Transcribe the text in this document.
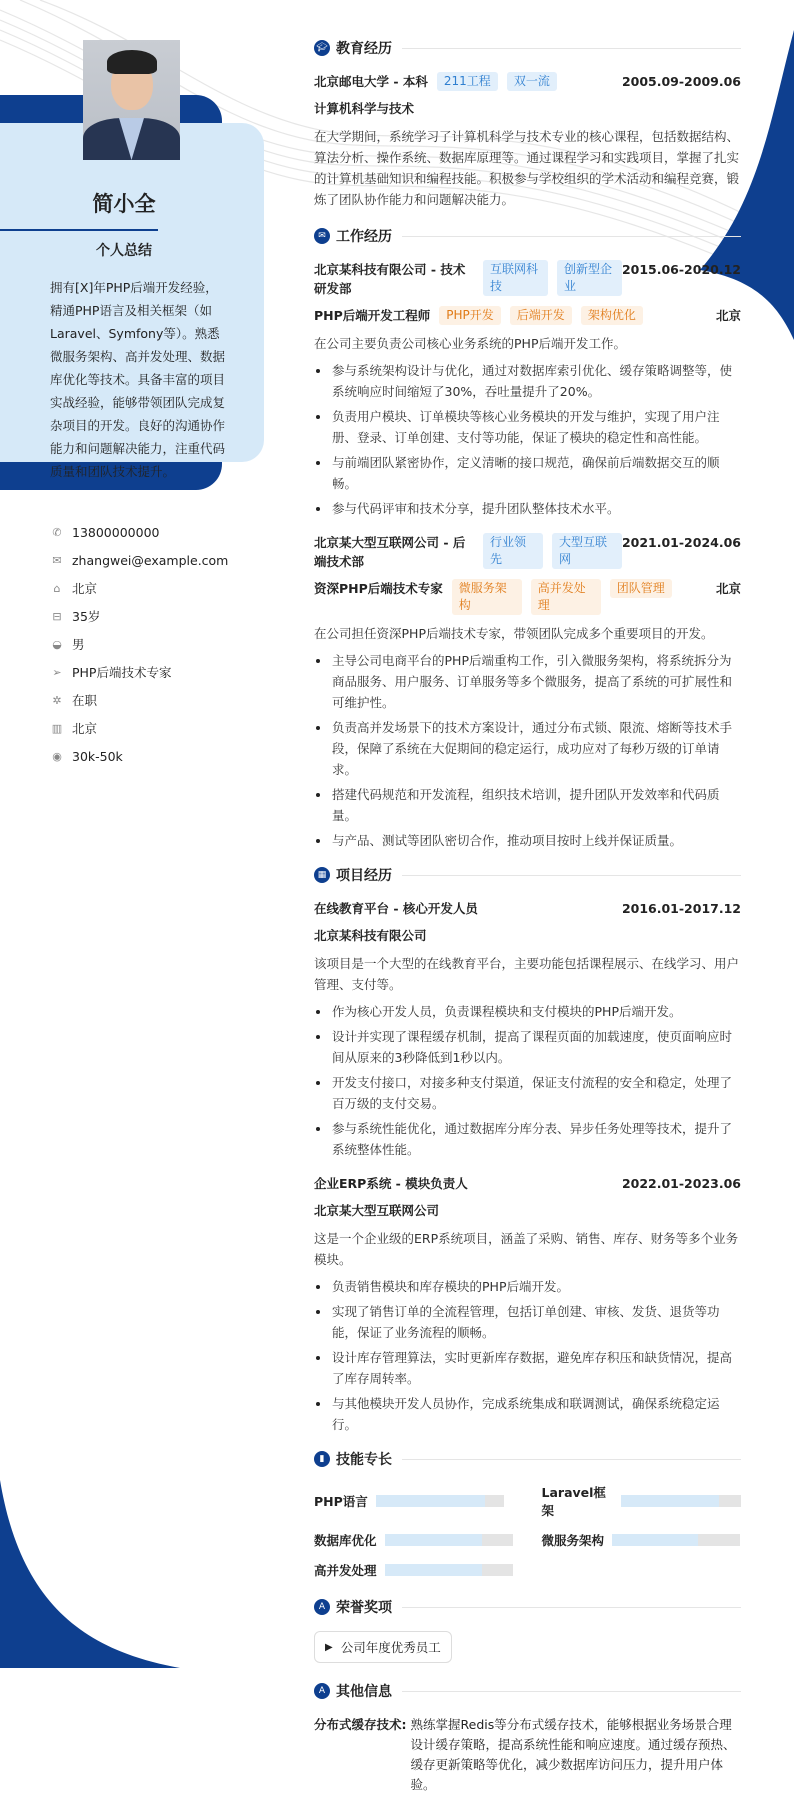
简小全
个人总结
拥有[X]年PHP后端开发经验，精通PHP语言及相关框架（如Laravel、Symfony等）。熟悉微服务架构、高并发处理、数据库优化等技术。具备丰富的项目实战经验，能够带领团队完成复杂项目的开发。良好的沟通协作能力和问题解决能力，注重代码质量和团队技术提升。
✆ 13800000000
✉ zhangwei@example.com
⌂ 北京
⊟ 35岁
◒ 男
➢ PHP后端技术专家
✲ 在职
▥ 北京
◉ 30k-50k
🎓︎ 教育经历
北京邮电大学 - 本科	211工程	双一流	2005.09-2009.06
计算机科学与技术
在大学期间，系统学习了计算机科学与技术专业的核心课程，包括数据结构、算法分析、操作系统、数据库原理等。通过课程学习和实践项目，掌握了扎实的计算机基础知识和编程技能。积极参与学校组织的学术活动和编程竞赛，锻炼了团队协作能力和问题解决能力。
✉ 工作经历
北京某科技有限公司 - 技术研发部
互联网科技
创新型企业
2015.06-2020.12
PHP后端开发工程师	PHP开发	后端开发	架构优化	北京
在公司主要负责公司核心业务系统的PHP后端开发工作。
参与系统架构设计与优化，通过对数据库索引优化、缓存策略调整等，使系统响应时间缩短了30%，吞吐量提升了20%。
负责用户模块、订单模块等核心业务模块的开发与维护，实现了用户注册、登录、订单创建、支付等功能，保证了模块的稳定性和高性能。
与前端团队紧密协作，定义清晰的接口规范，确保前后端数据交互的顺畅。
参与代码评审和技术分享，提升团队整体技术水平。
北京某大型互联网公司 - 后端技术部
行业领先
大型互联网
2021.01-2024.06
资深PHP后端技术专家	微服务架构
高并发处理
团队管理	北京
在公司担任资深PHP后端技术专家，带领团队完成多个重要项目的开发。
主导公司电商平台的PHP后端重构工作，引入微服务架构，将系统拆分为商品服务、用户服务、订单服务等多个微服务，提高了系统的可扩展性和可维护性。
负责高并发场景下的技术方案设计，通过分布式锁、限流、熔断等技术手段，保障了系统在大促期间的稳定运行，成功应对了每秒万级的订单请求。
搭建代码规范和开发流程，组织技术培训，提升团队开发效率和代码质量。
与产品、测试等团队密切合作，推动项目按时上线并保证质量。
▦ 项目经历
在线教育平台 - 核心开发人员	2016.01-2017.12
北京某科技有限公司
该项目是一个大型的在线教育平台，主要功能包括课程展示、在线学习、用户管理、支付等。
作为核心开发人员，负责课程模块和支付模块的PHP后端开发。
设计并实现了课程缓存机制，提高了课程页面的加载速度，使页面响应时间从原来的3秒降低到1秒以内。
开发支付接口，对接多种支付渠道，保证支付流程的安全和稳定，处理了百万级的支付交易。
参与系统性能优化，通过数据库分库分表、异步任务处理等技术，提升了系统整体性能。
企业ERP系统 - 模块负责人	2022.01-2023.06
北京某大型互联网公司
这是一个企业级的ERP系统项目，涵盖了采购、销售、库存、财务等多个业务模块。
负责销售模块和库存模块的PHP后端开发。
实现了销售订单的全流程管理，包括订单创建、审核、发货、退货等功能，保证了业务流程的顺畅。
设计库存管理算法，实时更新库存数据，避免库存积压和缺货情况，提高了库存周转率。
与其他模块开发人员协作，完成系统集成和联调测试，确保系统稳定运行。
▮ 技能专长
PHP语言
Laravel框架
数据库优化	微服务架构
高并发处理
A 荣誉奖项
▶ 公司年度优秀员工
A 其他信息
分布式缓存技术: 熟练掌握Redis等分布式缓存技术，能够根据业务场景合理设计缓存策略，提高系统性能和响应速度。通过缓存预热、缓存更新策略等优化，减少数据库访问压力，提升用户体验。
